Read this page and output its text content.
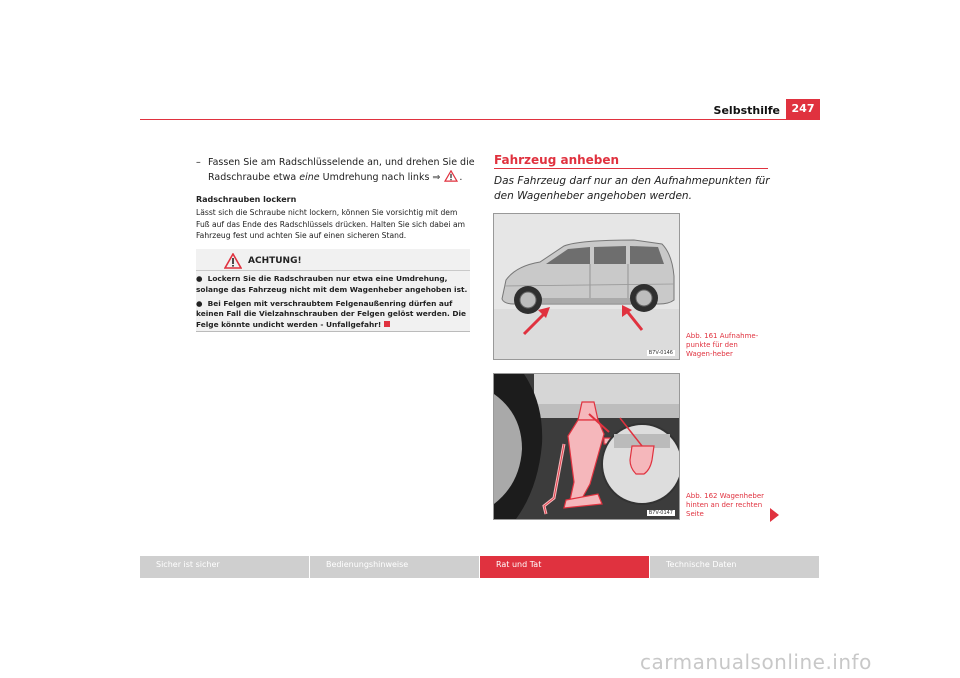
Selbsthilfe	247
– Fassen Sie am Radschlüsselende an, und drehen Sie die Radschraube etwa eine Umdrehung nach links ⇒ .
Radschrauben lockern
Lässt sich die Schraube nicht lockern, können Sie vorsichtig mit dem Fuß auf das Ende des Radschlüssels drücken. Halten Sie sich dabei am Fahrzeug fest und achten Sie auf einen sicheren Stand.
ACHTUNG!
● Lockern Sie die Radschrauben nur etwa eine Umdrehung, solange das Fahrzeug nicht mit dem Wagenheber angehoben ist.
● Bei Felgen mit verschraubtem Felgenaußenring dürfen auf keinen Fall die Vielzahnschrauben der Felgen gelöst werden. Die Felge könnte undicht werden - Unfallgefahr!
Fahrzeug anheben
Das Fahrzeug darf nur an den Aufnahmepunkten für den Wagenheber angehoben werden.
B7V-0146
B7V-0147
Abb. 161 Aufnahme-punkte für den Wagen-heber
Abb. 162 Wagenheber hinten an der rechten Seite
Sicher ist sicher	Bedienungshinweise	Rat und Tat	Technische Daten
carmanualsonline.info
